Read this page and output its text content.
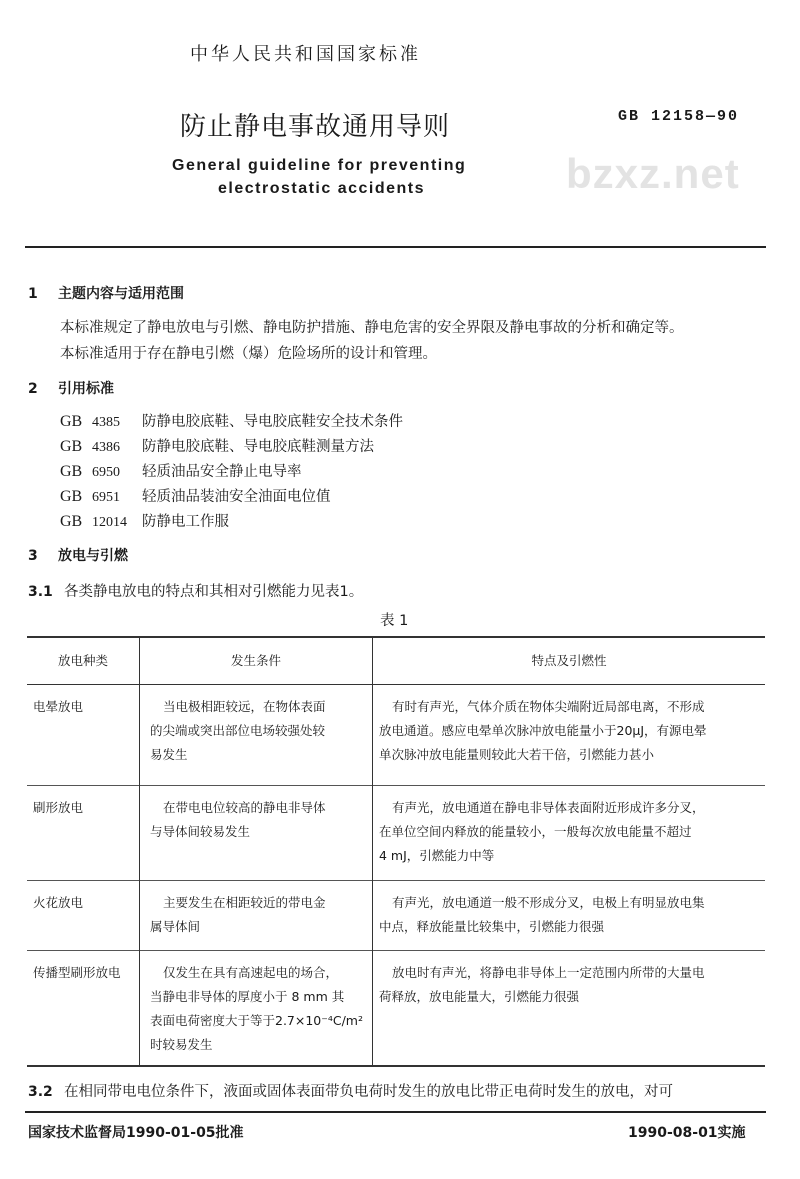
bzxz.net
中华人民共和国国家标准
防止静电事故通用导则	GB 12158—90
General guideline for preventing
electrostatic accidents
1 主题内容与适用范围
本标准规定了静电放电与引燃、静电防护措施、静电危害的安全界限及静电事故的分析和确定等。
本标准适用于存在静电引燃（爆）危险场所的设计和管理。
2 引用标准
GB 4385 防静电胶底鞋、导电胶底鞋安全技术条件
GB 4386 防静电胶底鞋、导电胶底鞋测量方法
GB 6950 轻质油品安全静止电导率
GB 6951 轻质油品装油安全油面电位值
GB 12014 防静电工作服
3 放电与引燃
3.1 各类静电放电的特点和其相对引燃能力见表1。
表 1
放电种类	发生条件	特点及引燃性
电晕放电	当电极相距较远，在物体表面
的尖端或突出部位电场较强处较
易发生	有时有声光，气体介质在物体尖端附近局部电离，不形成
放电通道。感应电晕单次脉冲放电能量小于20μJ，有源电晕
单次脉冲放电能量则较此大若干倍，引燃能力甚小

刷形放电	在带电电位较高的静电非导体
与导体间较易发生	有声光，放电通道在静电非导体表面附近形成许多分叉，
在单位空间内释放的能量较小，一般每次放电能量不超过
4 mJ，引燃能力中等

火花放电	主要发生在相距较近的带电金
属导体间	有声光，放电通道一般不形成分叉，电极上有明显放电集
中点，释放能量比较集中，引燃能力很强

传播型刷形放电	仅发生在具有高速起电的场合，
当静电非导体的厚度小于 8 mm 其
表面电荷密度大于等于2.7×10⁻⁴C/m²
时较易发生	放电时有声光，将静电非导体上一定范围内所带的大量电
荷释放，放电能量大，引燃能力很强
3.2 在相同带电电位条件下，液面或固体表面带负电荷时发生的放电比带正电荷时发生的放电，对可
国家技术监督局1990-01-05批准	1990-08-01实施
